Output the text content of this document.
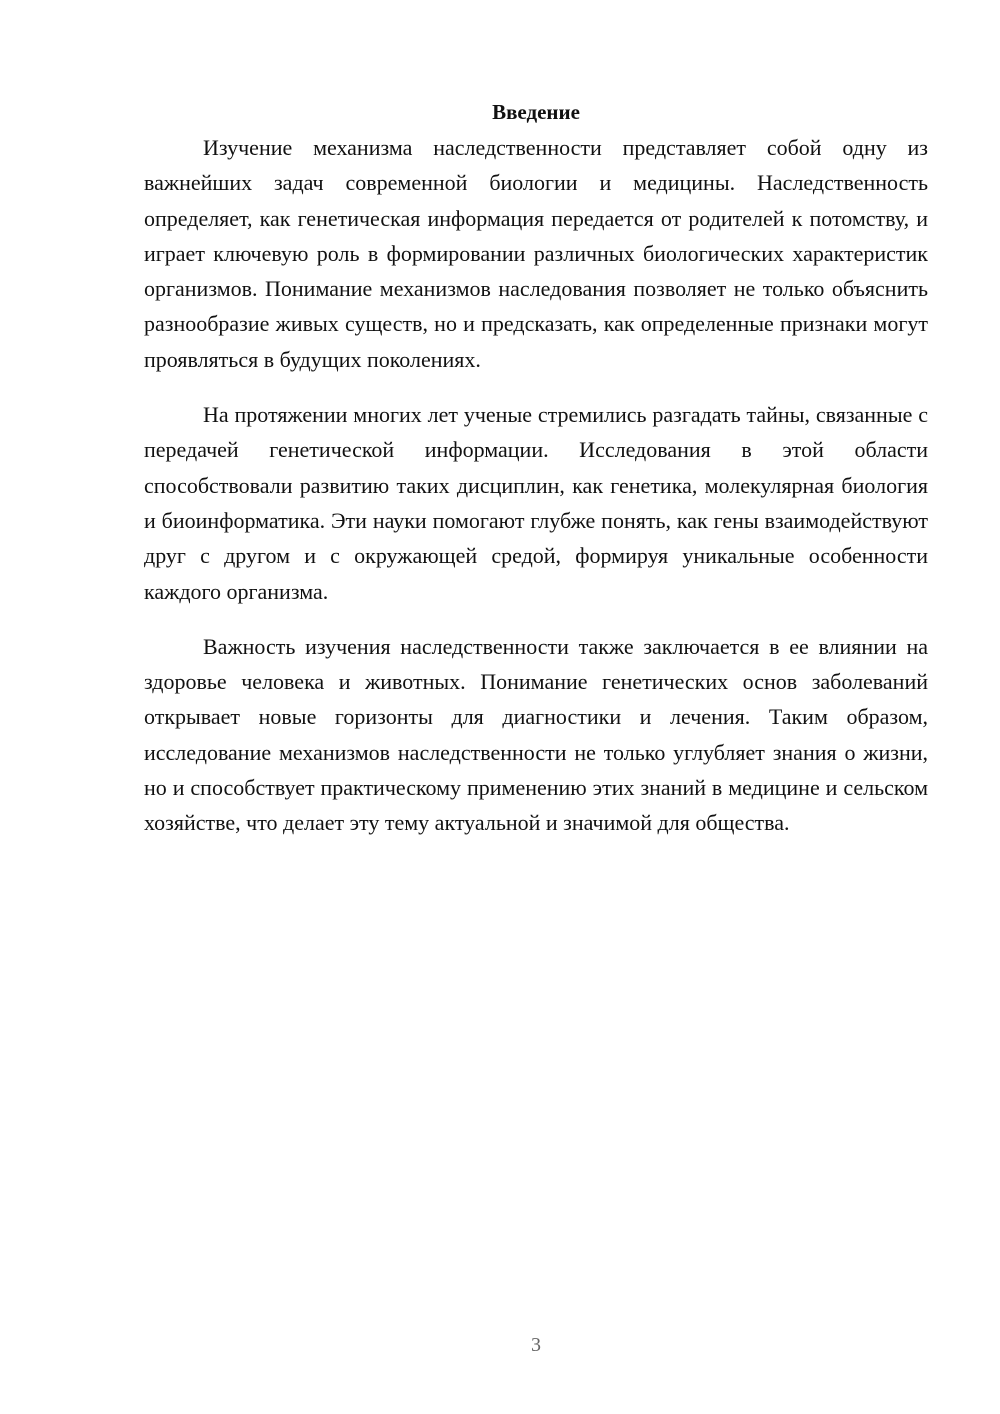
Введение

Изучение механизма наследственности представляет собой одну из важнейших задач современной биологии и медицины. Наследственность определяет, как генетическая информация передается от родителей к потомству, и играет ключевую роль в формировании различных биологических характеристик организмов. Понимание механизмов наследования позволяет не только объяснить разнообразие живых существ, но и предсказать, как определенные признаки могут проявляться в будущих поколениях.

На протяжении многих лет ученые стремились разгадать тайны, связанные с передачей генетической информации. Исследования в этой области способствовали развитию таких дисциплин, как генетика, молекулярная биология и биоинформатика. Эти науки помогают глубже понять, как гены взаимодействуют друг с другом и с окружающей средой, формируя уникальные особенности каждого организма.

Важность изучения наследственности также заключается в ее влиянии на здоровье человека и животных. Понимание генетических основ заболеваний открывает новые горизонты для диагностики и лечения. Таким образом, исследование механизмов наследственности не только углубляет знания о жизни, но и способствует практическому применению этих знаний в медицине и сельском хозяйстве, что делает эту тему актуальной и значимой для общества.

3
